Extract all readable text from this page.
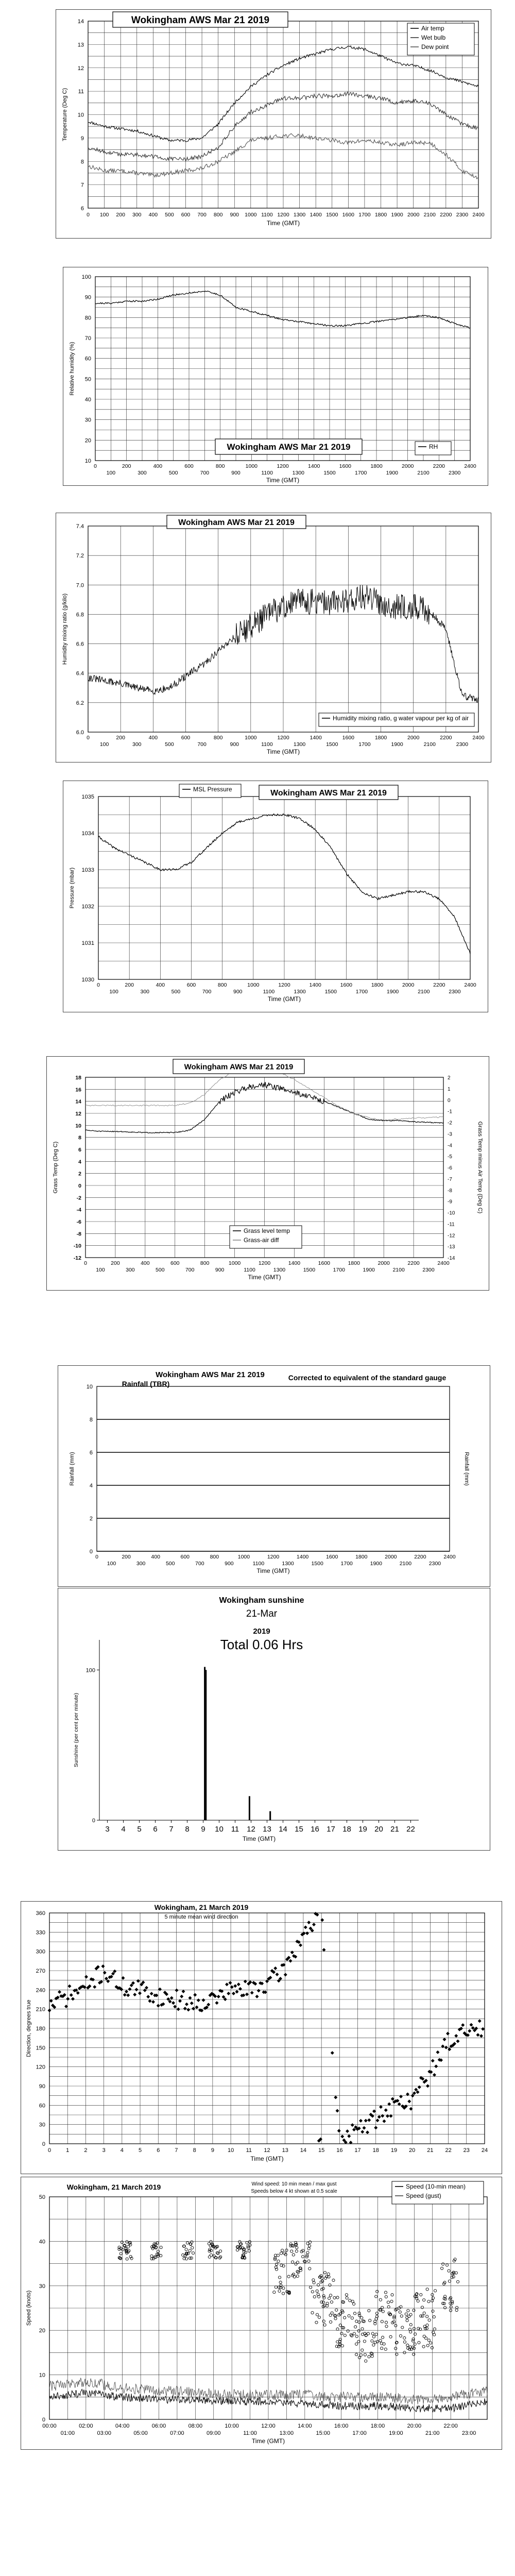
6
7
8
9
10
11
12
13
14
0 100 200 300 400 500 600 700 800 900 1000 1100 1200 1300 1400 1500 1600 1700 1800 1900 2000 2100 2200 2300 2400
Time (GMT)
Temperature (Deg C)
Wokingham AWS Mar 21 2019
Air temp
Wet bulb
Dew point
10
20
30
40
50
60
70
80
90
100
0	200	400	600	800	1000	1200	1400	1600	1800	2000	2200	2400
100	300	500	700	900	1100	1300	1500	1700	1900	2100	2300
Time (GMT)
Relative humidity (%)
Wokingham AWS Mar 21 2019	RH
6.0
6.2
6.4
6.6
6.8
7.0
7.2
7.4
0	200	400	600	800	1000	1200	1400	1600	1800	2000	2200	2400
100	300	500	700	900	1100	1300	1500	1700	1900	2100	2300
Time (GMT)
Humidity mixing ratio (g/kilo)
Wokingham AWS Mar 21 2019
Humidity mixing ratio, g water vapour per kg of air
1030
1031
1032
1033
1034
1035
0	200	400	600	800	1000	1200	1400	1600	1800	2000	2200	2400
100	300	500	700	900	1100	1300	1500	1700	1900	2100	2300
Time (GMT)
Pressure (mbar)
MSL Pressure	Wokingham AWS Mar 21 2019
-12
-10
-8
-6
-4
-2
0
2
4
6
8
10
12
14
16
18
-14
-13
-12
-11
-10
-9
-8
-7
-6
-5
-4
-3
-2
-1
0
1
2
0	200	400	600	800	1000	1200	1400	1600	1800	2000	2200	2400
100	300	500	700	900	1100	1300	1500	1700	1900	2100	2300
Time (GMT)
Grass Temp (Deg C)	Grass Temp minus Air Temp (Deg C)
Wokingham AWS Mar 21 2019
Grass level temp
Grass-air diff
0
2
4
6
8
10
0	200	400	600	800	1000	1200	1400	1600	1800	2000	2200	2400
100	300	500	700	900	1100	1300	1500	1700	1900	2100	2300
Time (GMT)
Rainfall (mm)	Rainfall (mm)
Wokingham AWS Mar 21 2019
Rainfall (TBR)
Corrected to equivalent of the standard gauge
0
100
3 4 5 6 7 8 9 10 11 12 13 14 15 16 17 18 19 20 21 22
Time (GMT)
Sunshine (per cent per minute)
Wokingham sunshine
21-Mar
2019
Total 0.06 Hrs
0
30
60
90
120
150
180
210
240
270
300
330
360
0	1	2	3	4	5	6	7	8	9 10 11 12 13 14 15 16 17 18 19 20 21 22 23 24
Time (GMT)
Direction, degrees true
Wokingham, 21 March 2019
5 minute mean wind direction
0
10
20
30
40
50
00:00	02:00	04:00	06:00	08:00	10:00	12:00	14:00	16:00	18:00	20:00	22:00
01:00	03:00	05:00	07:00	09:00	11:00	13:00	15:00	17:00	19:00	21:00	23:00
Time (GMT)
Speed (knots)
Wokingham, 21 March 2019	Wind speed: 10 min mean / max gust
Speeds below 4 kt shown at 0.5 scale
Speed (10-min mean)
Speed (gust)
